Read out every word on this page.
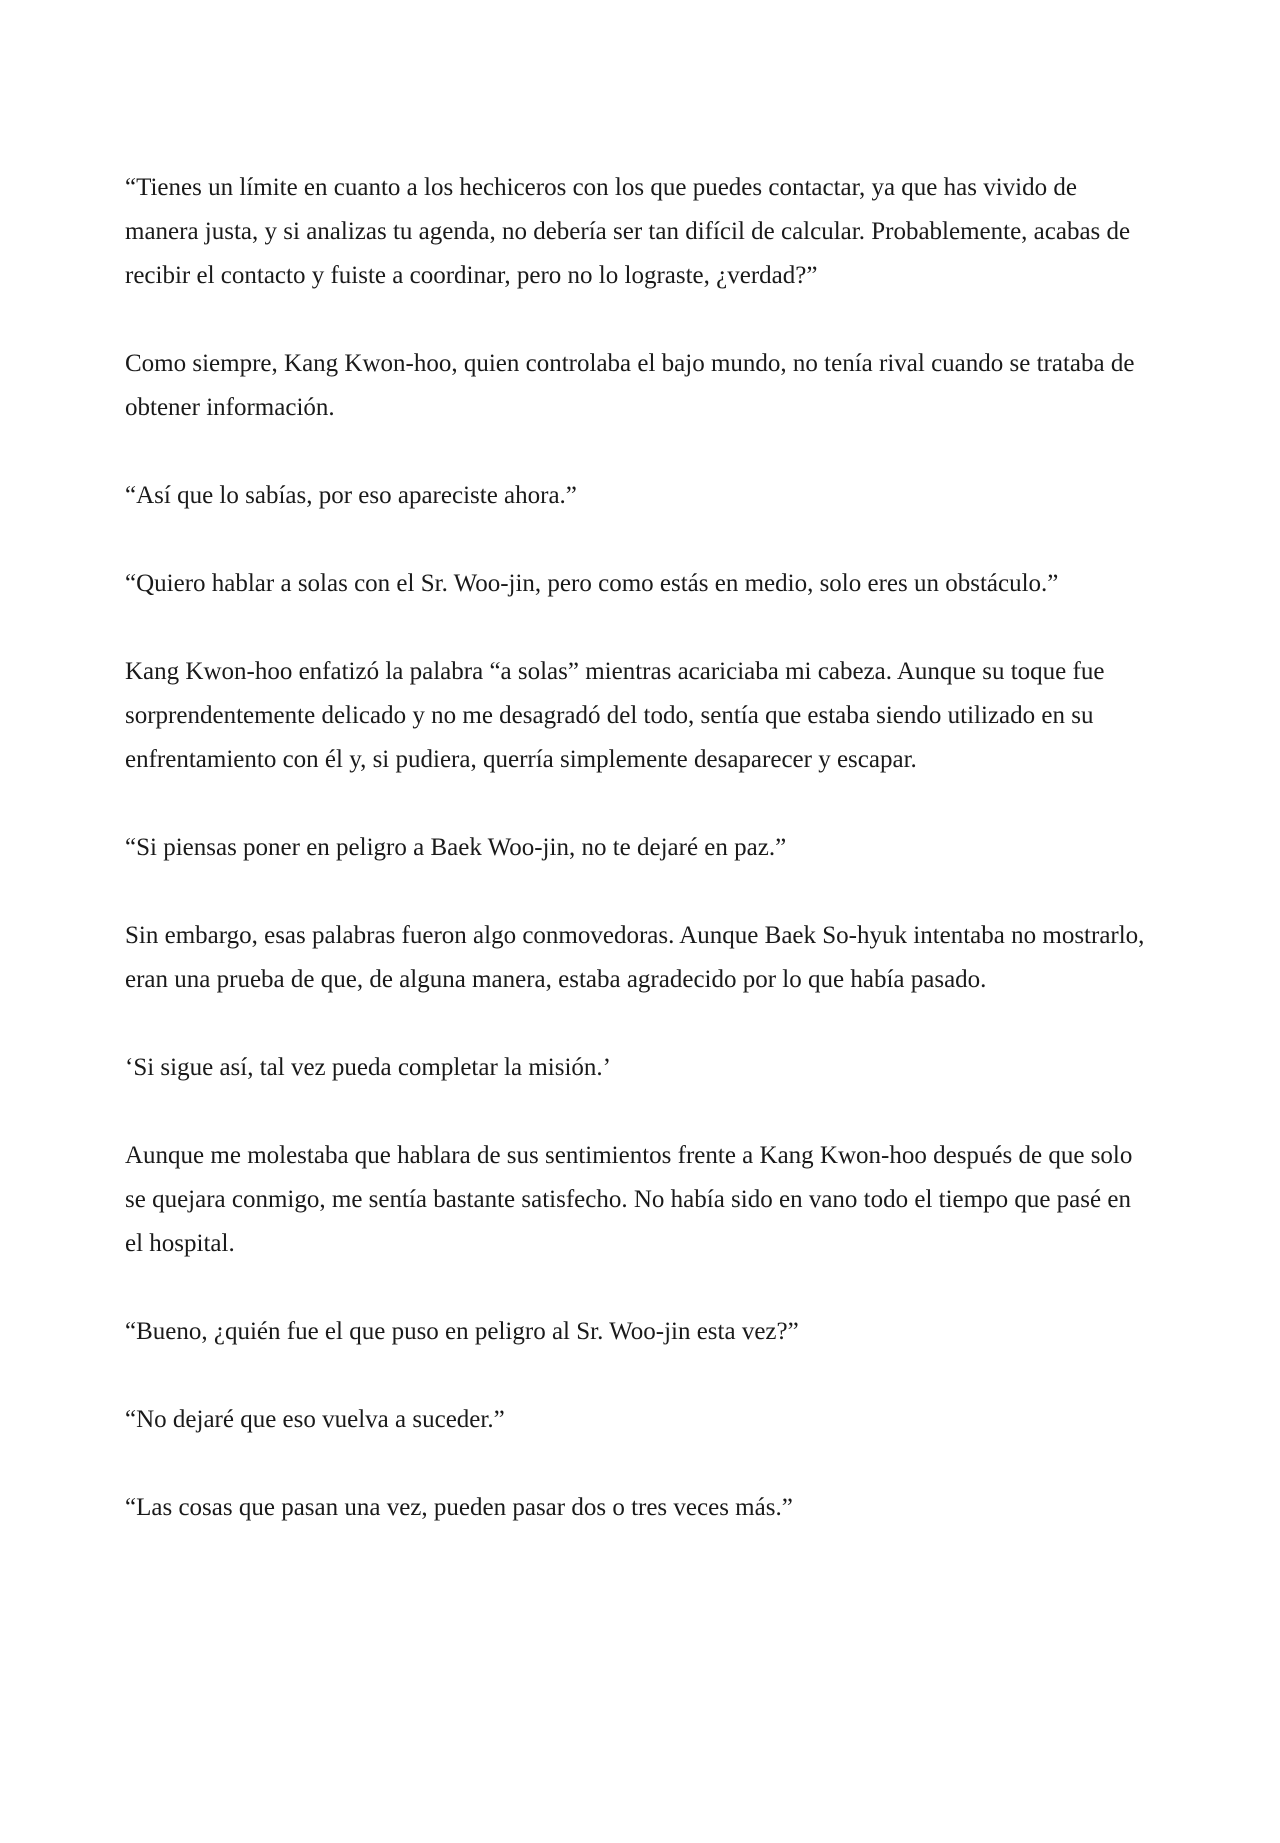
“Tienes un límite en cuanto a los hechiceros con los que puedes contactar, ya que has vivido de manera justa, y si analizas tu agenda, no debería ser tan difícil de calcular. Probablemente, acabas de recibir el contacto y fuiste a coordinar, pero no lo lograste, ¿verdad?”

Como siempre, Kang Kwon-hoo, quien controlaba el bajo mundo, no tenía rival cuando se trataba de obtener información.

“Así que lo sabías, por eso apareciste ahora.”

“Quiero hablar a solas con el Sr. Woo-jin, pero como estás en medio, solo eres un obstáculo.”

Kang Kwon-hoo enfatizó la palabra “a solas” mientras acariciaba mi cabeza. Aunque su toque fue sorprendentemente delicado y no me desagradó del todo, sentía que estaba siendo utilizado en su enfrentamiento con él y, si pudiera, querría simplemente desaparecer y escapar.

“Si piensas poner en peligro a Baek Woo-jin, no te dejaré en paz.”

Sin embargo, esas palabras fueron algo conmovedoras. Aunque Baek So-hyuk intentaba no mostrarlo, eran una prueba de que, de alguna manera, estaba agradecido por lo que había pasado.

‘Si sigue así, tal vez pueda completar la misión.’

Aunque me molestaba que hablara de sus sentimientos frente a Kang Kwon-hoo después de que solo se quejara conmigo, me sentía bastante satisfecho. No había sido en vano todo el tiempo que pasé en el hospital.

“Bueno, ¿quién fue el que puso en peligro al Sr. Woo-jin esta vez?”

“No dejaré que eso vuelva a suceder.”

“Las cosas que pasan una vez, pueden pasar dos o tres veces más.”
